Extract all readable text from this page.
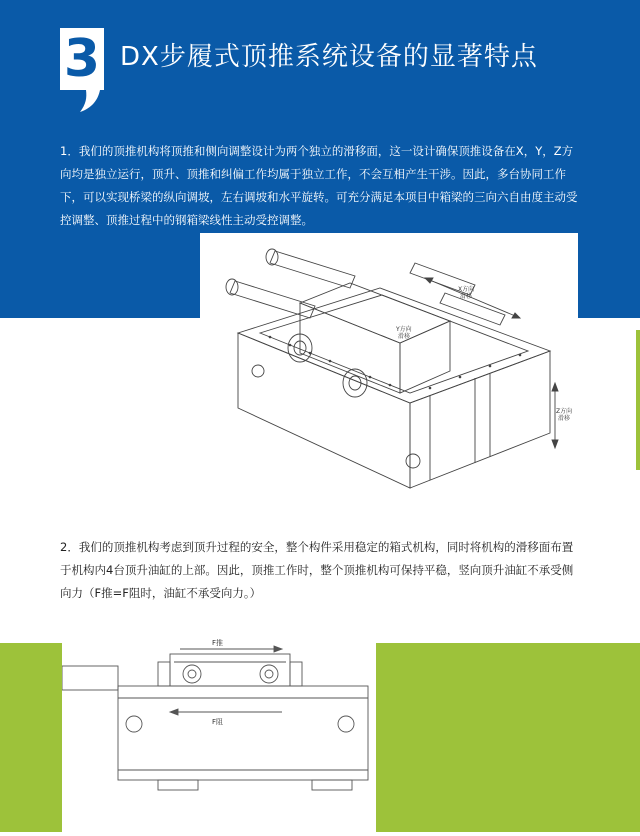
3 DX步履式顶推系统设备的显著特点
1．我们的顶推机构将顶推和侧向调整设计为两个独立的滑移面，这一设计确保顶推设备在X，Y，Z方向均是独立运行，顶升、顶推和纠偏工作均属于独立工作，不会互相产生干涉。因此，多台协同工作下，可以实现桥梁的纵向调坡，左右调坡和水平旋转。可充分满足本项目中箱梁的三向六自由度主动受控调整、顶推过程中的钢箱梁线性主动受控调整。
X方向
滑移
Y方向
滑移
Z方向
滑移
2．我们的顶推机构考虑到顶升过程的安全，整个构件采用稳定的箱式机构，同时将机构的滑移面布置于机构内4台顶升油缸的上部。因此，顶推工作时，整个顶推机构可保持平稳，竖向顶升油缸不承受侧向力（F推=F阻时，油缸不承受向力。）
F推
F阻
